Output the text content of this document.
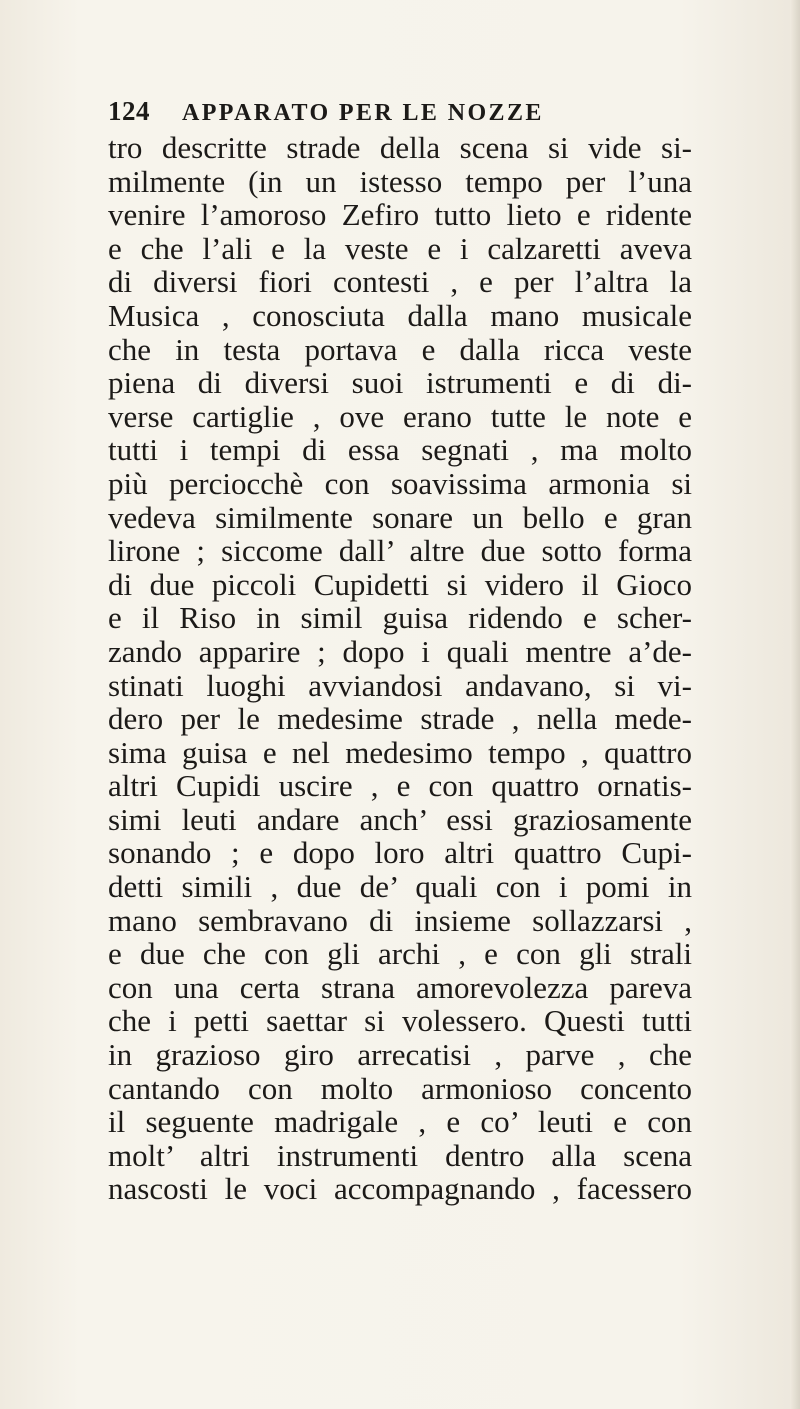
124 APPARATO PER LE NOZZE
tro descritte strade della scena si vide si-
milmente (in un istesso tempo per l’una
venire l’amoroso Zefiro tutto lieto e ridente
e che l’ali e la veste e i calzaretti aveva
di diversi fiori contesti , e per l’altra la
Musica , conosciuta dalla mano musicale
che in testa portava e dalla ricca veste
piena di diversi suoi istrumenti e di di-
verse cartiglie , ove erano tutte le note e
tutti i tempi di essa segnati , ma molto
più perciocchè con soavissima armonia si
vedeva similmente sonare un bello e gran
lirone ; siccome dall’ altre due sotto forma
di due piccoli Cupidetti si videro il Gioco
e il Riso in simil guisa ridendo e scher-
zando apparire ; dopo i quali mentre a’de-
stinati luoghi avviandosi andavano, si vi-
dero per le medesime strade , nella mede-
sima guisa e nel medesimo tempo , quattro
altri Cupidi uscire , e con quattro ornatis-
simi leuti andare anch’ essi graziosamente
sonando ; e dopo loro altri quattro Cupi-
detti simili , due de’ quali con i pomi in
mano sembravano di insieme sollazzarsi ,
e due che con gli archi , e con gli strali
con una certa strana amorevolezza pareva
che i petti saettar si volessero. Questi tutti
in grazioso giro arrecatisi , parve , che
cantando con molto armonioso concento
il seguente madrigale , e co’ leuti e con
molt’ altri instrumenti dentro alla scena
nascosti le voci accompagnando , facessero
